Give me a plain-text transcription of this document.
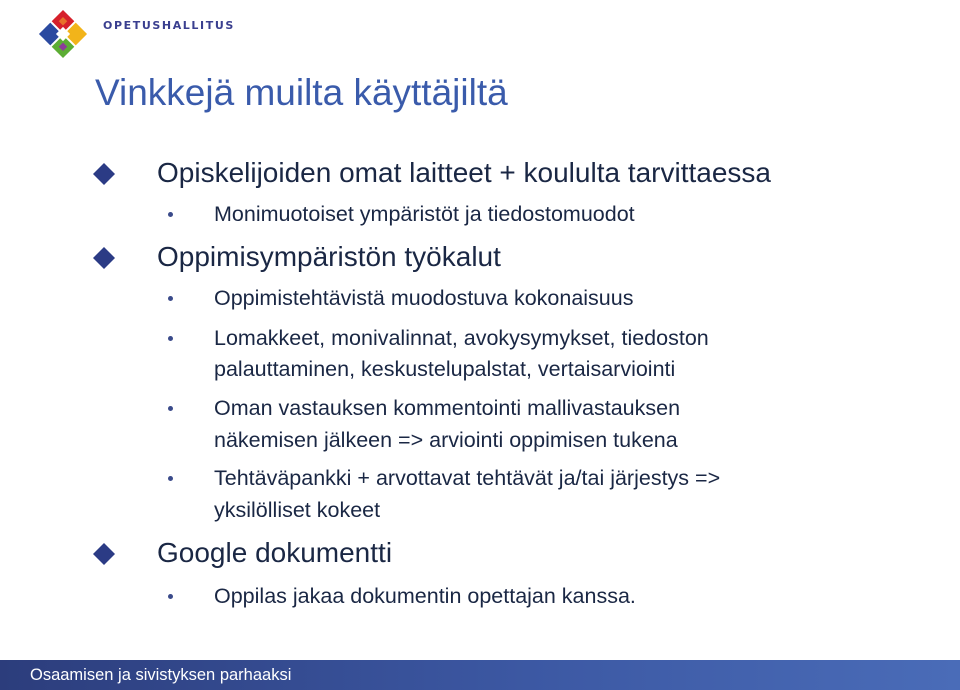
OPETUSHALLITUS
Vinkkejä muilta käyttäjiltä
Opiskelijoiden omat laitteet + koululta tarvittaessa
Monimuotoiset ympäristöt ja tiedostomuodot
Oppimisympäristön työkalut
Oppimistehtävistä muodostuva kokonaisuus
Lomakkeet, monivalinnat, avokysymykset, tiedoston
palauttaminen, keskustelupalstat, vertaisarviointi
Oman vastauksen kommentointi mallivastauksen
näkemisen jälkeen => arviointi oppimisen tukena
Tehtäväpankki + arvottavat tehtävät ja/tai järjestys =>
yksilölliset kokeet
Google dokumentti
Oppilas jakaa dokumentin opettajan kanssa.
Osaamisen ja sivistyksen parhaaksi
